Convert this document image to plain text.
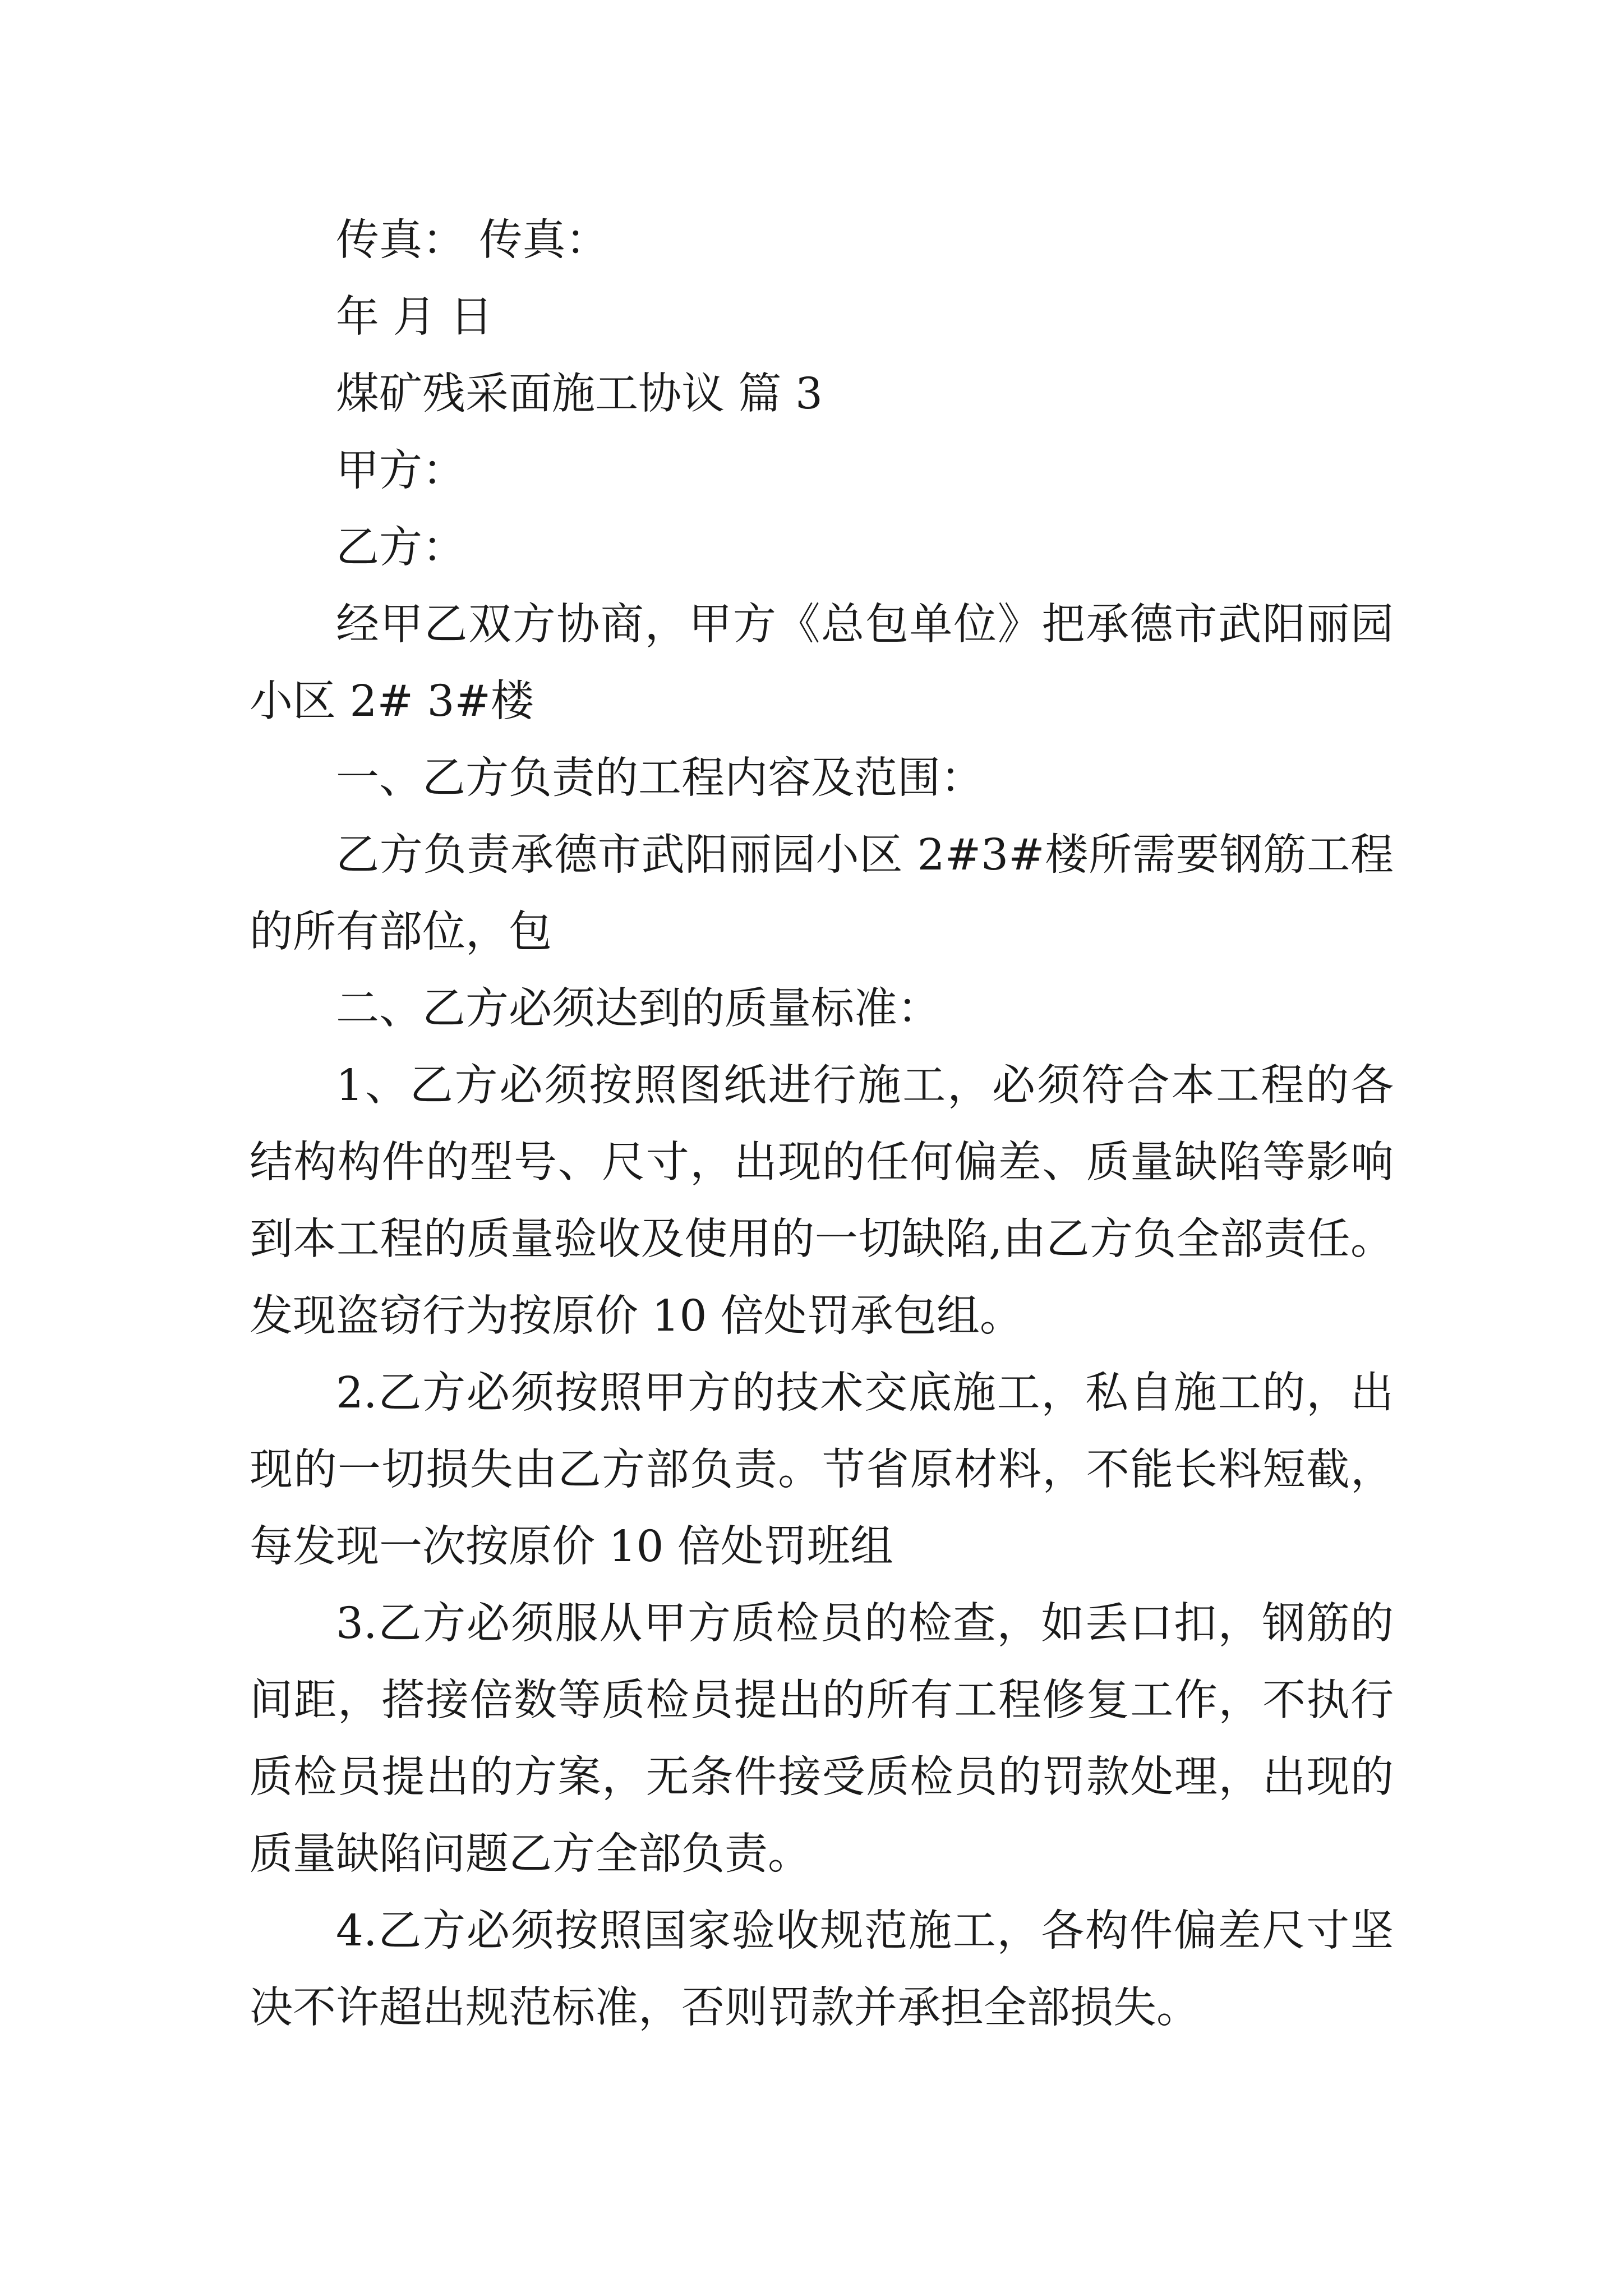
传真： 传真：

年 月 日

煤矿残采面施工协议 篇 3

甲方：

乙方：

经甲乙双方协商，甲方《总包单位》把承德市武阳丽园小区 2# 3#楼

一、乙方负责的工程内容及范围：

乙方负责承德市武阳丽园小区 2#3#楼所需要钢筋工程的所有部位，包

二、乙方必须达到的质量标准：

1、乙方必须按照图纸进行施工，必须符合本工程的各结构构件的型号、尺寸，出现的任何偏差、质量缺陷等影响到本工程的质量验收及使用的一切缺陷,由乙方负全部责任。发现盗窃行为按原价 10 倍处罚承包组。

2.乙方必须按照甲方的技术交底施工，私自施工的，出现的一切损失由乙方部负责。节省原材料，不能长料短截，每发现一次按原价 10 倍处罚班组

3.乙方必须服从甲方质检员的检查，如丢口扣，钢筋的间距，搭接倍数等质检员提出的所有工程修复工作，不执行质检员提出的方案，无条件接受质检员的罚款处理，出现的质量缺陷问题乙方全部负责。

4.乙方必须按照国家验收规范施工，各构件偏差尺寸坚决不许超出规范标准，否则罚款并承担全部损失。
